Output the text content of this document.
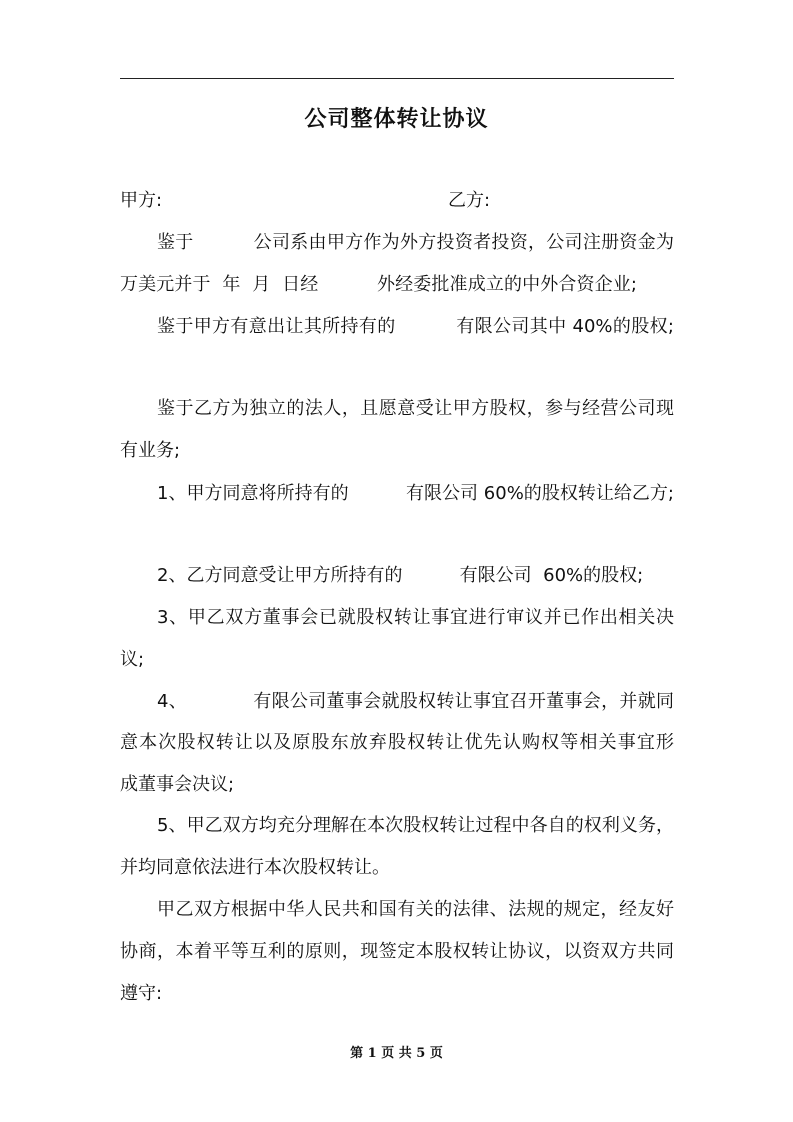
公司整体转让协议
甲方:	乙方:
鉴于          公司系由甲方作为外方投资者投资，公司注册资金为
万美元并于  年  月  日经          外经委批准成立的中外合资企业;
鉴于甲方有意出让其所持有的          有限公司其中 40%的股权;
鉴于乙方为独立的法人，且愿意受让甲方股权，参与经营公司现
有业务;
1、甲方同意将所持有的          有限公司 60%的股权转让给乙方;
2、乙方同意受让甲方所持有的          有限公司  60%的股权;
3、甲乙双方董事会已就股权转让事宜进行审议并已作出相关决
议;
4、           有限公司董事会就股权转让事宜召开董事会，并就同
意本次股权转让以及原股东放弃股权转让优先认购权等相关事宜形
成董事会决议;
5、甲乙双方均充分理解在本次股权转让过程中各自的权利义务，
并均同意依法进行本次股权转让。
甲乙双方根据中华人民共和国有关的法律、法规的规定，经友好
协商，本着平等互利的原则，现签定本股权转让协议，以资双方共同
遵守:
第 1 页 共 5 页
